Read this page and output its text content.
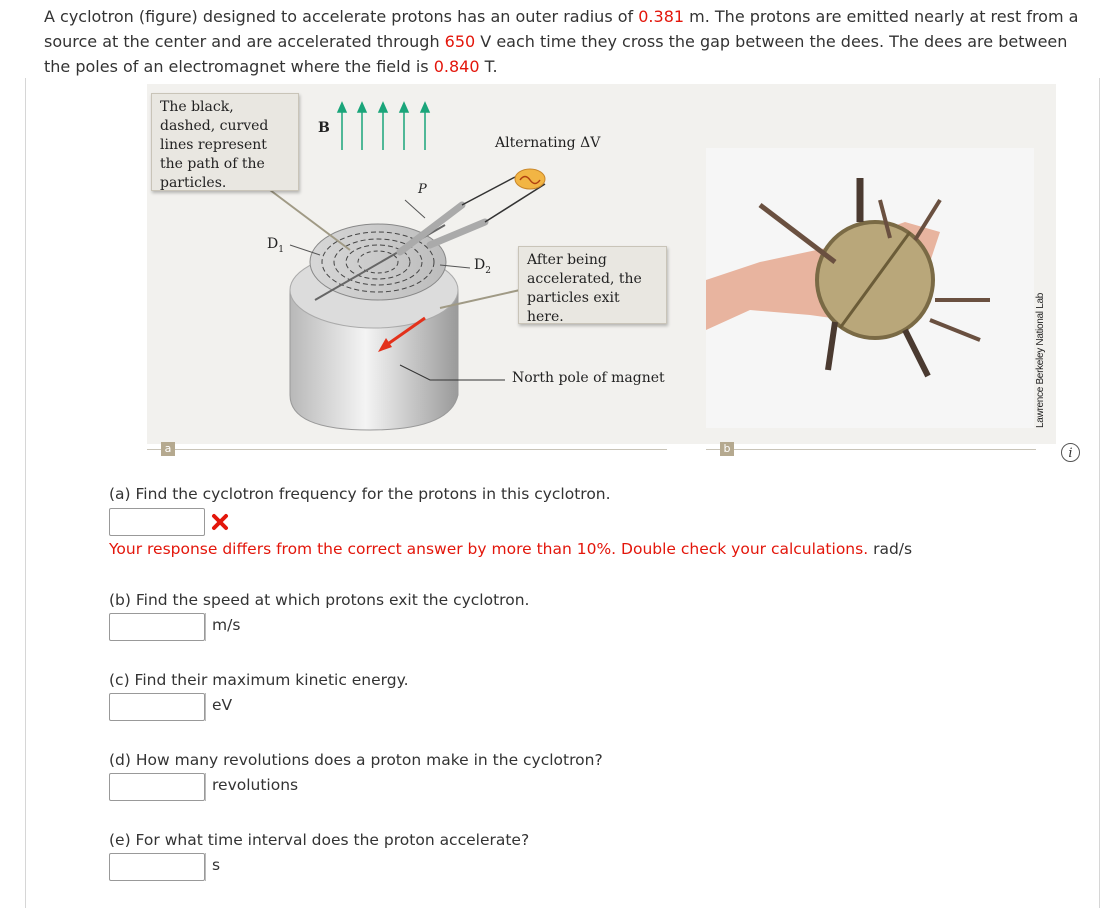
A cyclotron (figure) designed to accelerate protons has an outer radius of 0.381 m. The protons are emitted nearly at rest from a source at the center and are accelerated through 650 V each time they cross the gap between the dees. The dees are between the poles of an electromagnet where the field is 0.840 T.
The black, dashed, curved lines represent the path of the particles.
B
Alternating ΔV
P
$D_1$
$D_2$
After being accelerated, the particles exit here.
North pole of magnet
a	b
Lawrence Berkeley National Lab
i
(a) Find the cyclotron frequency for the protons in this cyclotron.
Your response differs from the correct answer by more than 10%. Double check your calculations. rad/s
(b) Find the speed at which protons exit the cyclotron.
m/s
(c) Find their maximum kinetic energy.
eV
(d) How many revolutions does a proton make in the cyclotron?
revolutions
(e) For what time interval does the proton accelerate?
s
